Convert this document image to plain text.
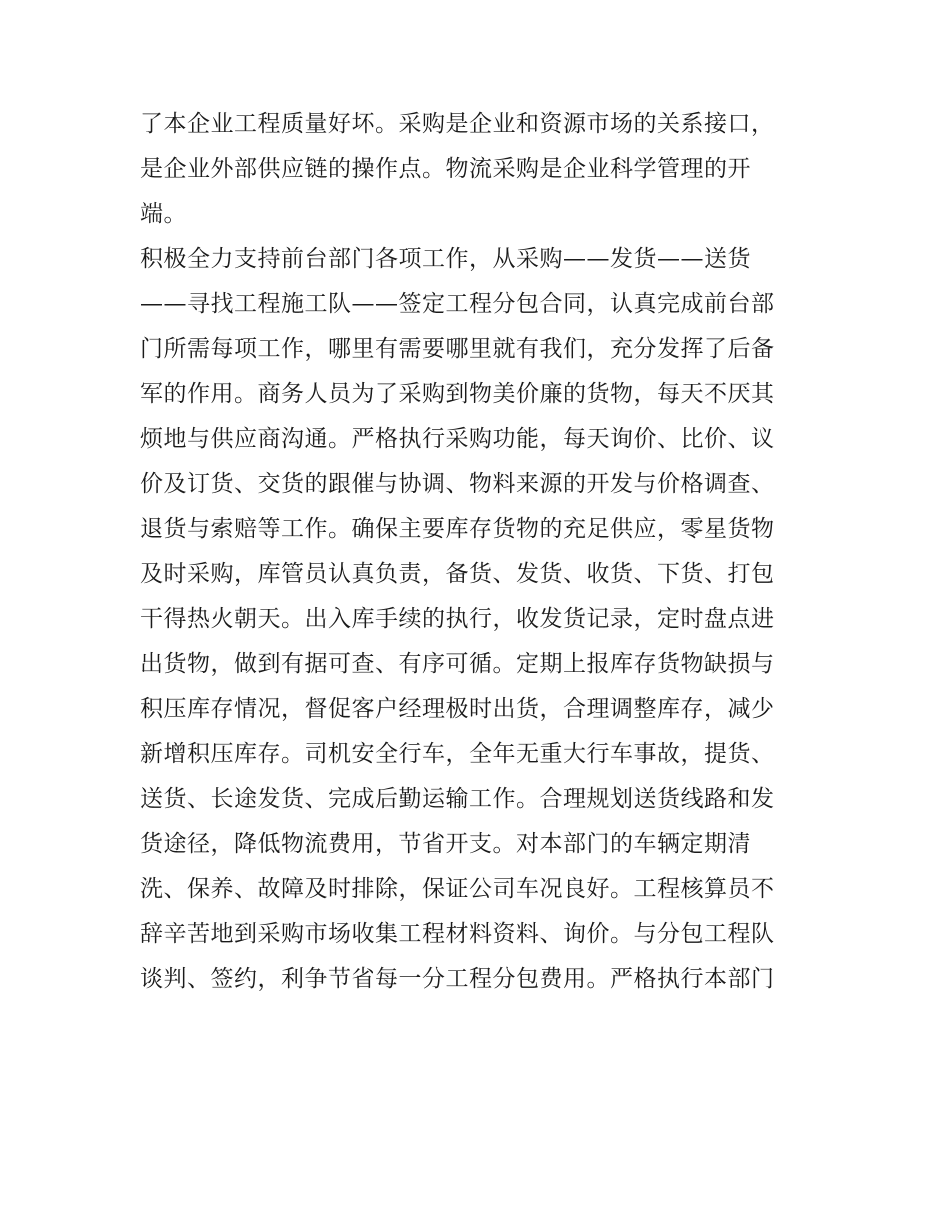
了本企业工程质量好坏。采购是企业和资源市场的关系接口，
是企业外部供应链的操作点。物流采购是企业科学管理的开
端。
积极全力支持前台部门各项工作，从采购——发货——送货
——寻找工程施工队——签定工程分包合同，认真完成前台部
门所需每项工作，哪里有需要哪里就有我们，充分发挥了后备
军的作用。商务人员为了采购到物美价廉的货物，每天不厌其
烦地与供应商沟通。严格执行采购功能，每天询价、比价、议
价及订货、交货的跟催与协调、物料来源的开发与价格调查、
退货与索赔等工作。确保主要库存货物的充足供应，零星货物
及时采购，库管员认真负责，备货、发货、收货、下货、打包
干得热火朝天。出入库手续的执行，收发货记录，定时盘点进
出货物，做到有据可查、有序可循。定期上报库存货物缺损与
积压库存情况，督促客户经理极时出货，合理调整库存，减少
新增积压库存。司机安全行车，全年无重大行车事故，提货、
送货、长途发货、完成后勤运输工作。合理规划送货线路和发
货途径，降低物流费用，节省开支。对本部门的车辆定期清
洗、保养、故障及时排除，保证公司车况良好。工程核算员不
辞辛苦地到采购市场收集工程材料资料、询价。与分包工程队
谈判、签约，利争节省每一分工程分包费用。严格执行本部门
